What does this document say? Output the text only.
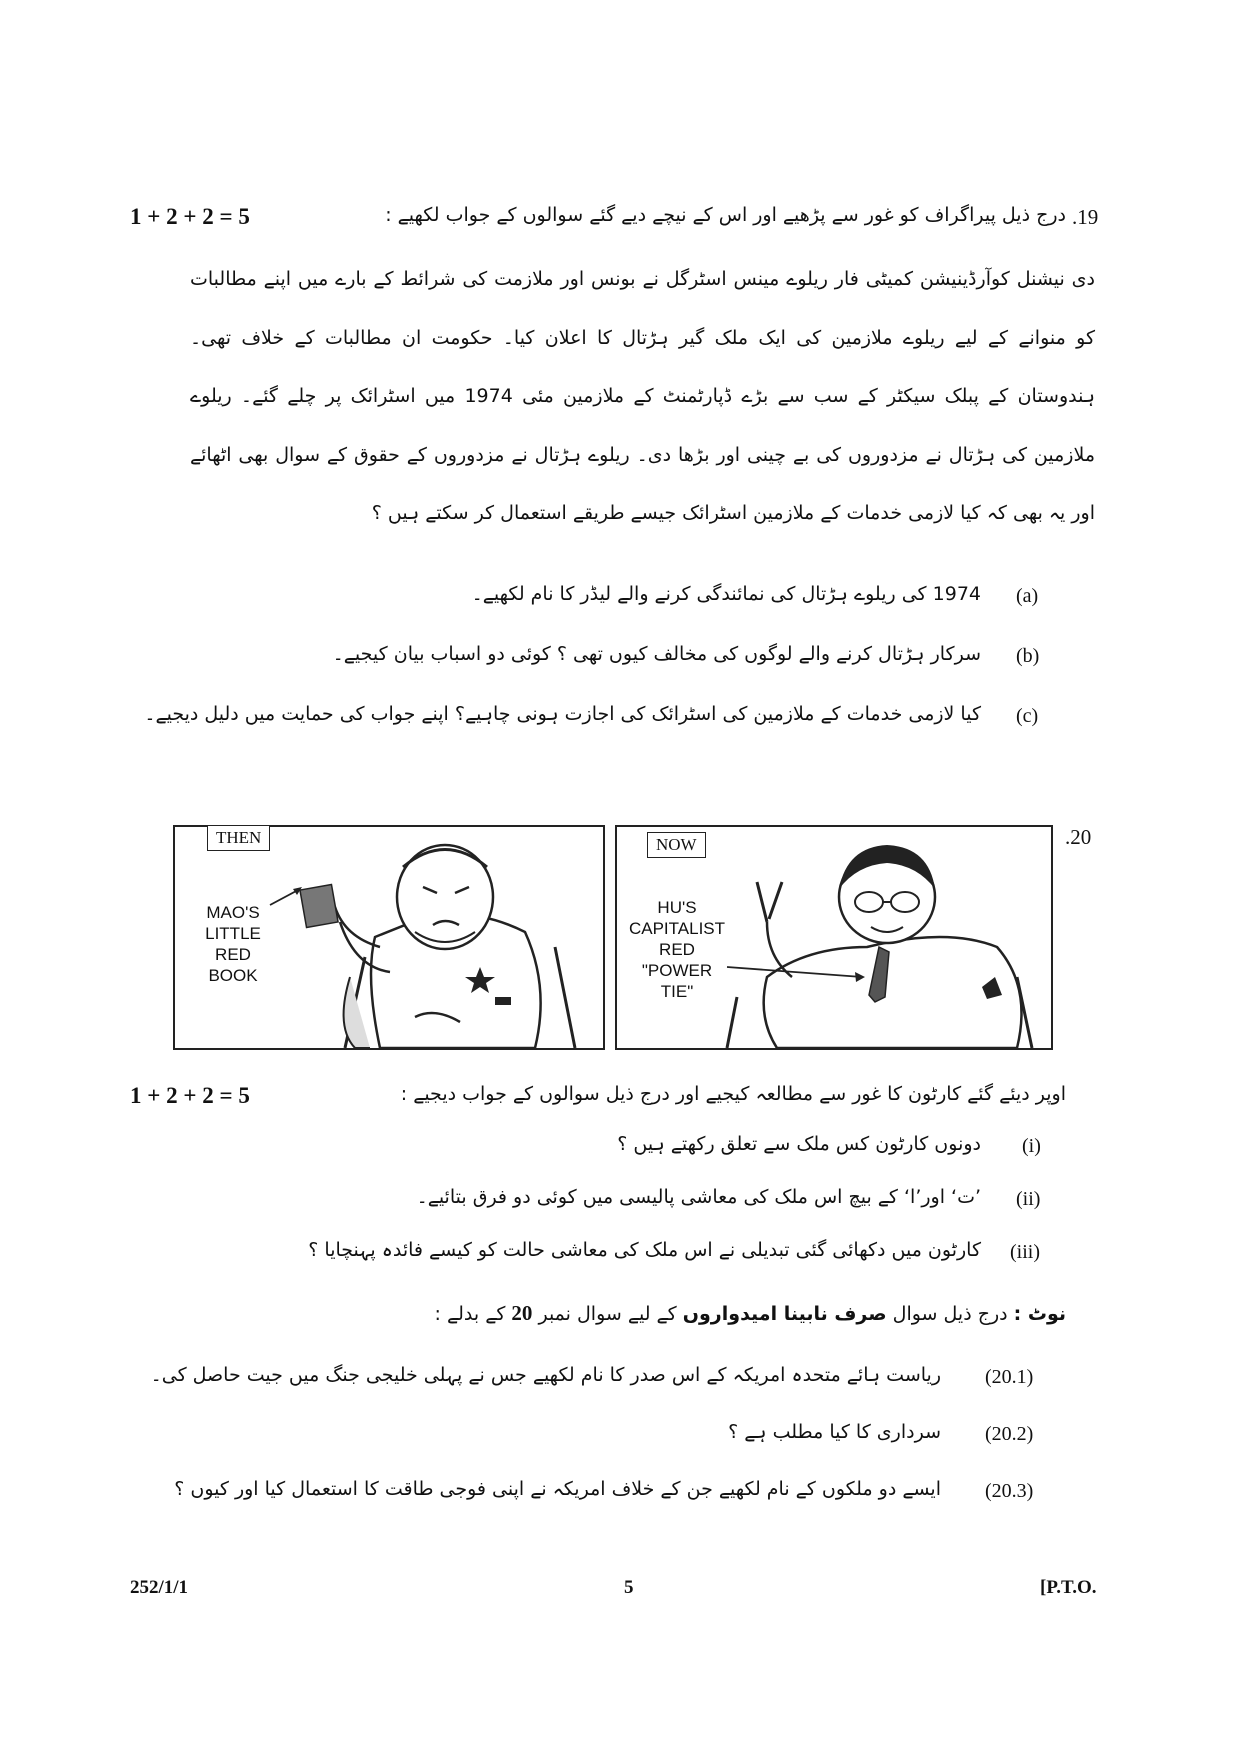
.19
درج ذیل پیراگراف کو غور سے پڑھیے اور اس کے نیچے دیے گئے سوالوں کے جواب لکھیے :
1 + 2 + 2 = 5
دی نیشنل کوآرڈینیشن کمیٹی فار ریلوے مینس اسٹرگل نے بونس اور ملازمت کی شرائط کے بارے میں اپنے مطالبات کو منوانے کے لیے ریلوے ملازمین کی ایک ملک گیر ہڑتال کا اعلان کیا۔ حکومت ان مطالبات کے خلاف تھی۔ ہندوستان کے پبلک سیکٹر کے سب سے بڑے ڈپارٹمنٹ کے ملازمین مئی 1974 میں اسٹرائک پر چلے گئے۔ ریلوے ملازمین کی ہڑتال نے مزدوروں کی بے چینی اور بڑھا دی۔ ریلوے ہڑتال نے مزدوروں کے حقوق کے سوال بھی اٹھائے اور یہ بھی کہ کیا لازمی خدمات کے ملازمین اسٹرائک جیسے طریقے استعمال کر سکتے ہیں ؟
(a)
1974 کی ریلوے ہڑتال کی نمائندگی کرنے والے لیڈر کا نام لکھیے۔
(b)
سرکار ہڑتال کرنے والے لوگوں کی مخالف کیوں تھی ؟ کوئی دو اسباب بیان کیجیے۔
(c)
کیا لازمی خدمات کے ملازمین کی اسٹرائک کی اجازت ہونی چاہیے؟ اپنے جواب کی حمایت میں دلیل دیجیے۔
.20
THEN
MAO'S
LITTLE
RED
BOOK
NOW
HU'S
CAPITALIST
RED
"POWER
TIE"
اوپر دیئے گئے کارٹون کا غور سے مطالعہ کیجیے اور درج ذیل سوالوں کے جواب دیجیے :
1 + 2 + 2 = 5
(i)
دونوں کارٹون کس ملک سے تعلق رکھتے ہیں ؟
(ii)
’ت‘ اور’ا‘ کے بیچ اس ملک کی معاشی پالیسی میں کوئی دو فرق بتائیے۔
(iii)
کارٹون میں دکھائی گئی تبدیلی نے اس ملک کی معاشی حالت کو کیسے فائدہ پہنچایا ؟
نوٹ : درج ذیل سوال صرف نابینا امیدواروں کے لیے سوال نمبر 20 کے بدلے :
(20.1)
ریاست ہائے متحدہ امریکہ کے اس صدر کا نام لکھیے جس نے پہلی خلیجی جنگ میں جیت حاصل کی۔
(20.2)
سرداری کا کیا مطلب ہے ؟
(20.3)
ایسے دو ملکوں کے نام لکھیے جن کے خلاف امریکہ نے اپنی فوجی طاقت کا استعمال کیا اور کیوں ؟
252/1/1	5	[P.T.O.
